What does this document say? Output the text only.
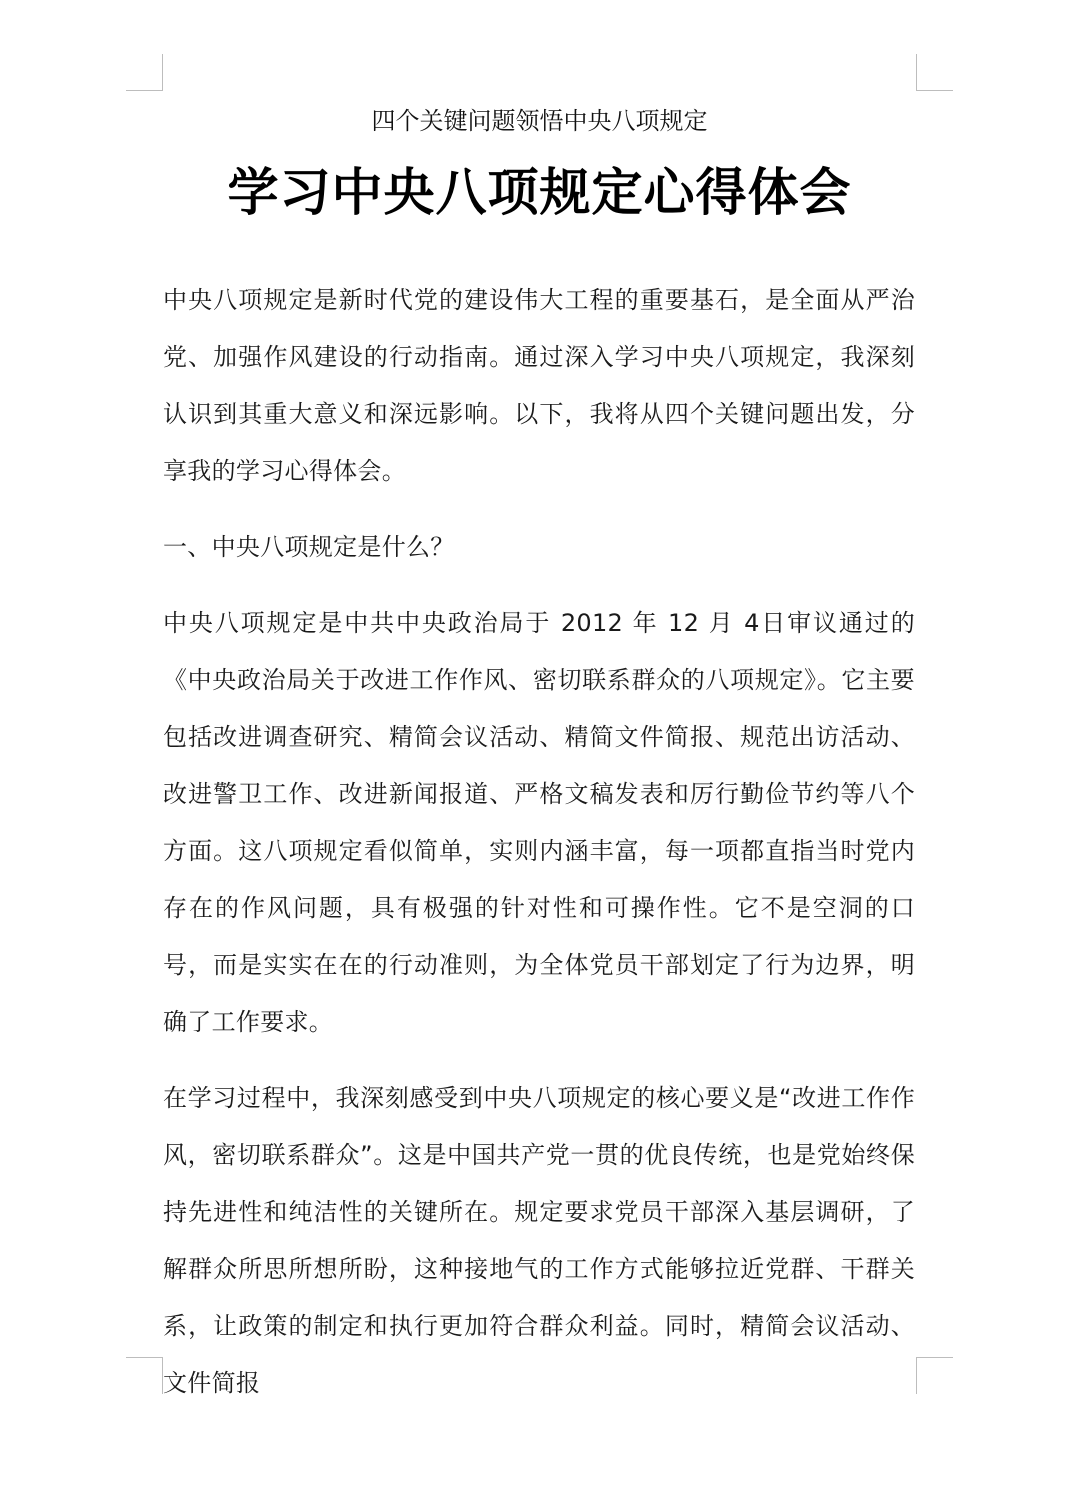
四个关键问题领悟中央八项规定
学习中央八项规定心得体会

中央八项规定是新时代党的建设伟大工程的重要基石，是全面从严治党、加强作风建设的行动指南。通过深入学习中央八项规定，我深刻认识到其重大意义和深远影响。以下，我将从四个关键问题出发，分享我的学习心得体会。

一、中央八项规定是什么？

中央八项规定是中共中央政治局于 2012 年 12 月 4日审议通过的《中央政治局关于改进工作作风、密切联系群众的八项规定》。它主要包括改进调查研究、精简会议活动、精简文件简报、规范出访活动、改进警卫工作、改进新闻报道、严格文稿发表和厉行勤俭节约等八个方面。这八项规定看似简单，实则内涵丰富，每一项都直指当时党内存在的作风问题，具有极强的针对性和可操作性。它不是空洞的口号，而是实实在在的行动准则，为全体党员干部划定了行为边界，明确了工作要求。

在学习过程中，我深刻感受到中央八项规定的核心要义是“改进工作作风，密切联系群众”。这是中国共产党一贯的优良传统，也是党始终保持先进性和纯洁性的关键所在。规定要求党员干部深入基层调研，了解群众所思所想所盼，这种接地气的工作方式能够拉近党群、干群关系，让政策的制定和执行更加符合群众利益。同时，精简会议活动、文件简报
